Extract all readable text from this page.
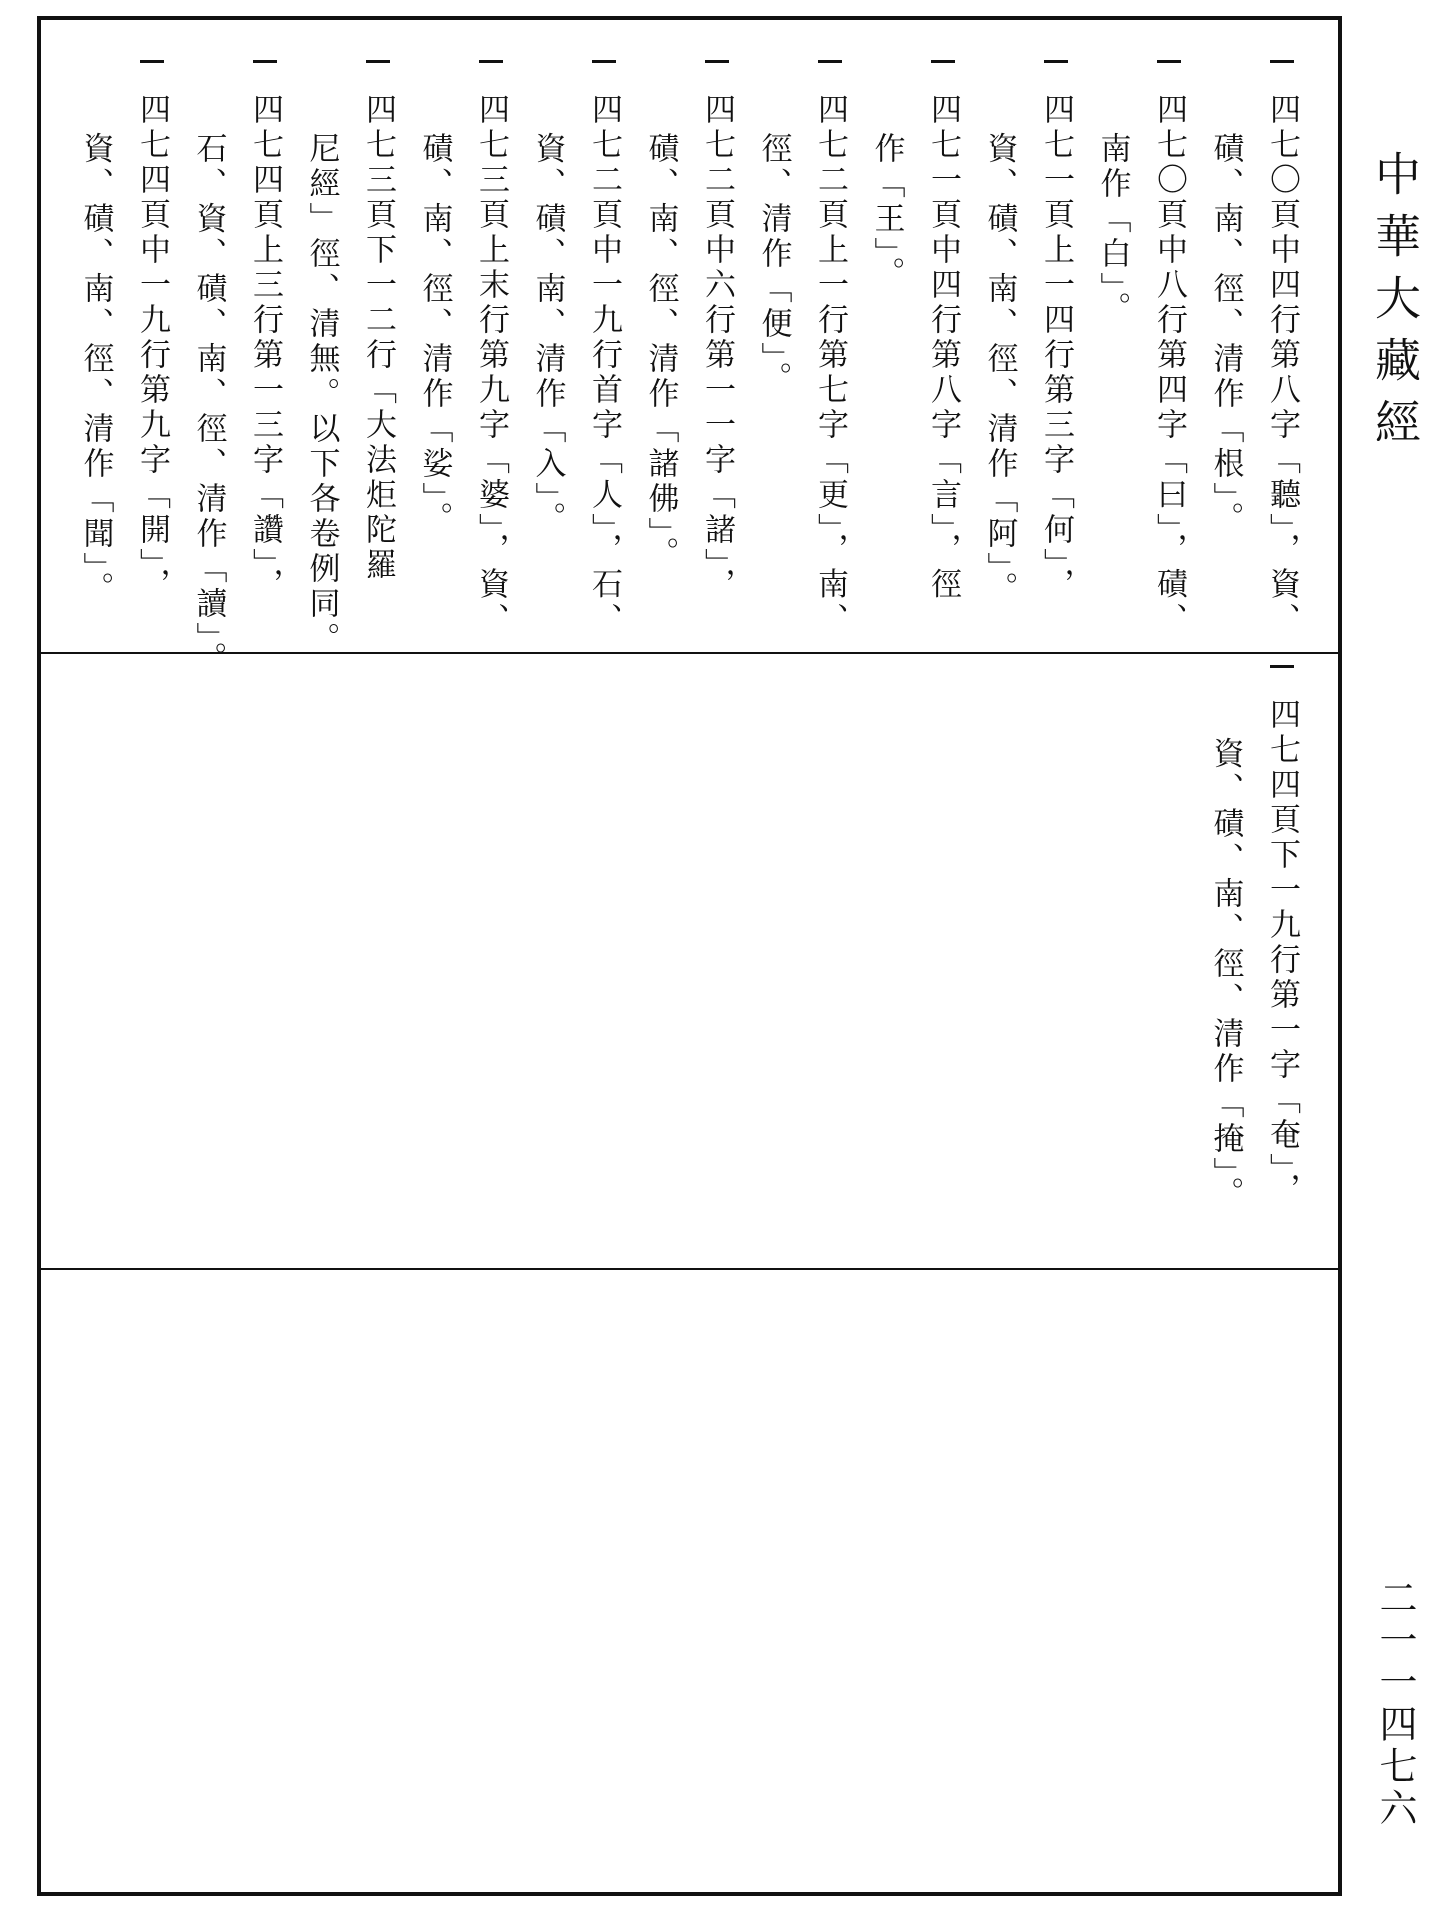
中華大藏經
二一一四七六
四七〇頁中四行第八字「聽」，資、
磧、南、徑、清作「根」。
四七〇頁中八行第四字「曰」，磧、
南作「白」。
四七一頁上一四行第三字「何」，
資、磧、南、徑、清作「阿」。
四七一頁中四行第八字「言」，徑
作「王」。
四七二頁上一行第七字「更」，南、
徑、清作「便」。
四七二頁中六行第一一字「諸」，
磧、南、徑、清作「諸佛」。
四七二頁中一九行首字「人」，石、
資、磧、南、清作「入」。
四七三頁上末行第九字「婆」，資、
磧、南、徑、清作「娑」。
四七三頁下一二行「大法炬陀羅
尼經」徑、清無。以下各卷例同。
四七四頁上三行第一三字「讚」，
石、資、磧、南、徑、清作「讀」。
四七四頁中一九行第九字「開」，
資、磧、南、徑、清作「聞」。
四七四頁下一九行第一字「奄」，
資、磧、南、徑、清作「掩」。
